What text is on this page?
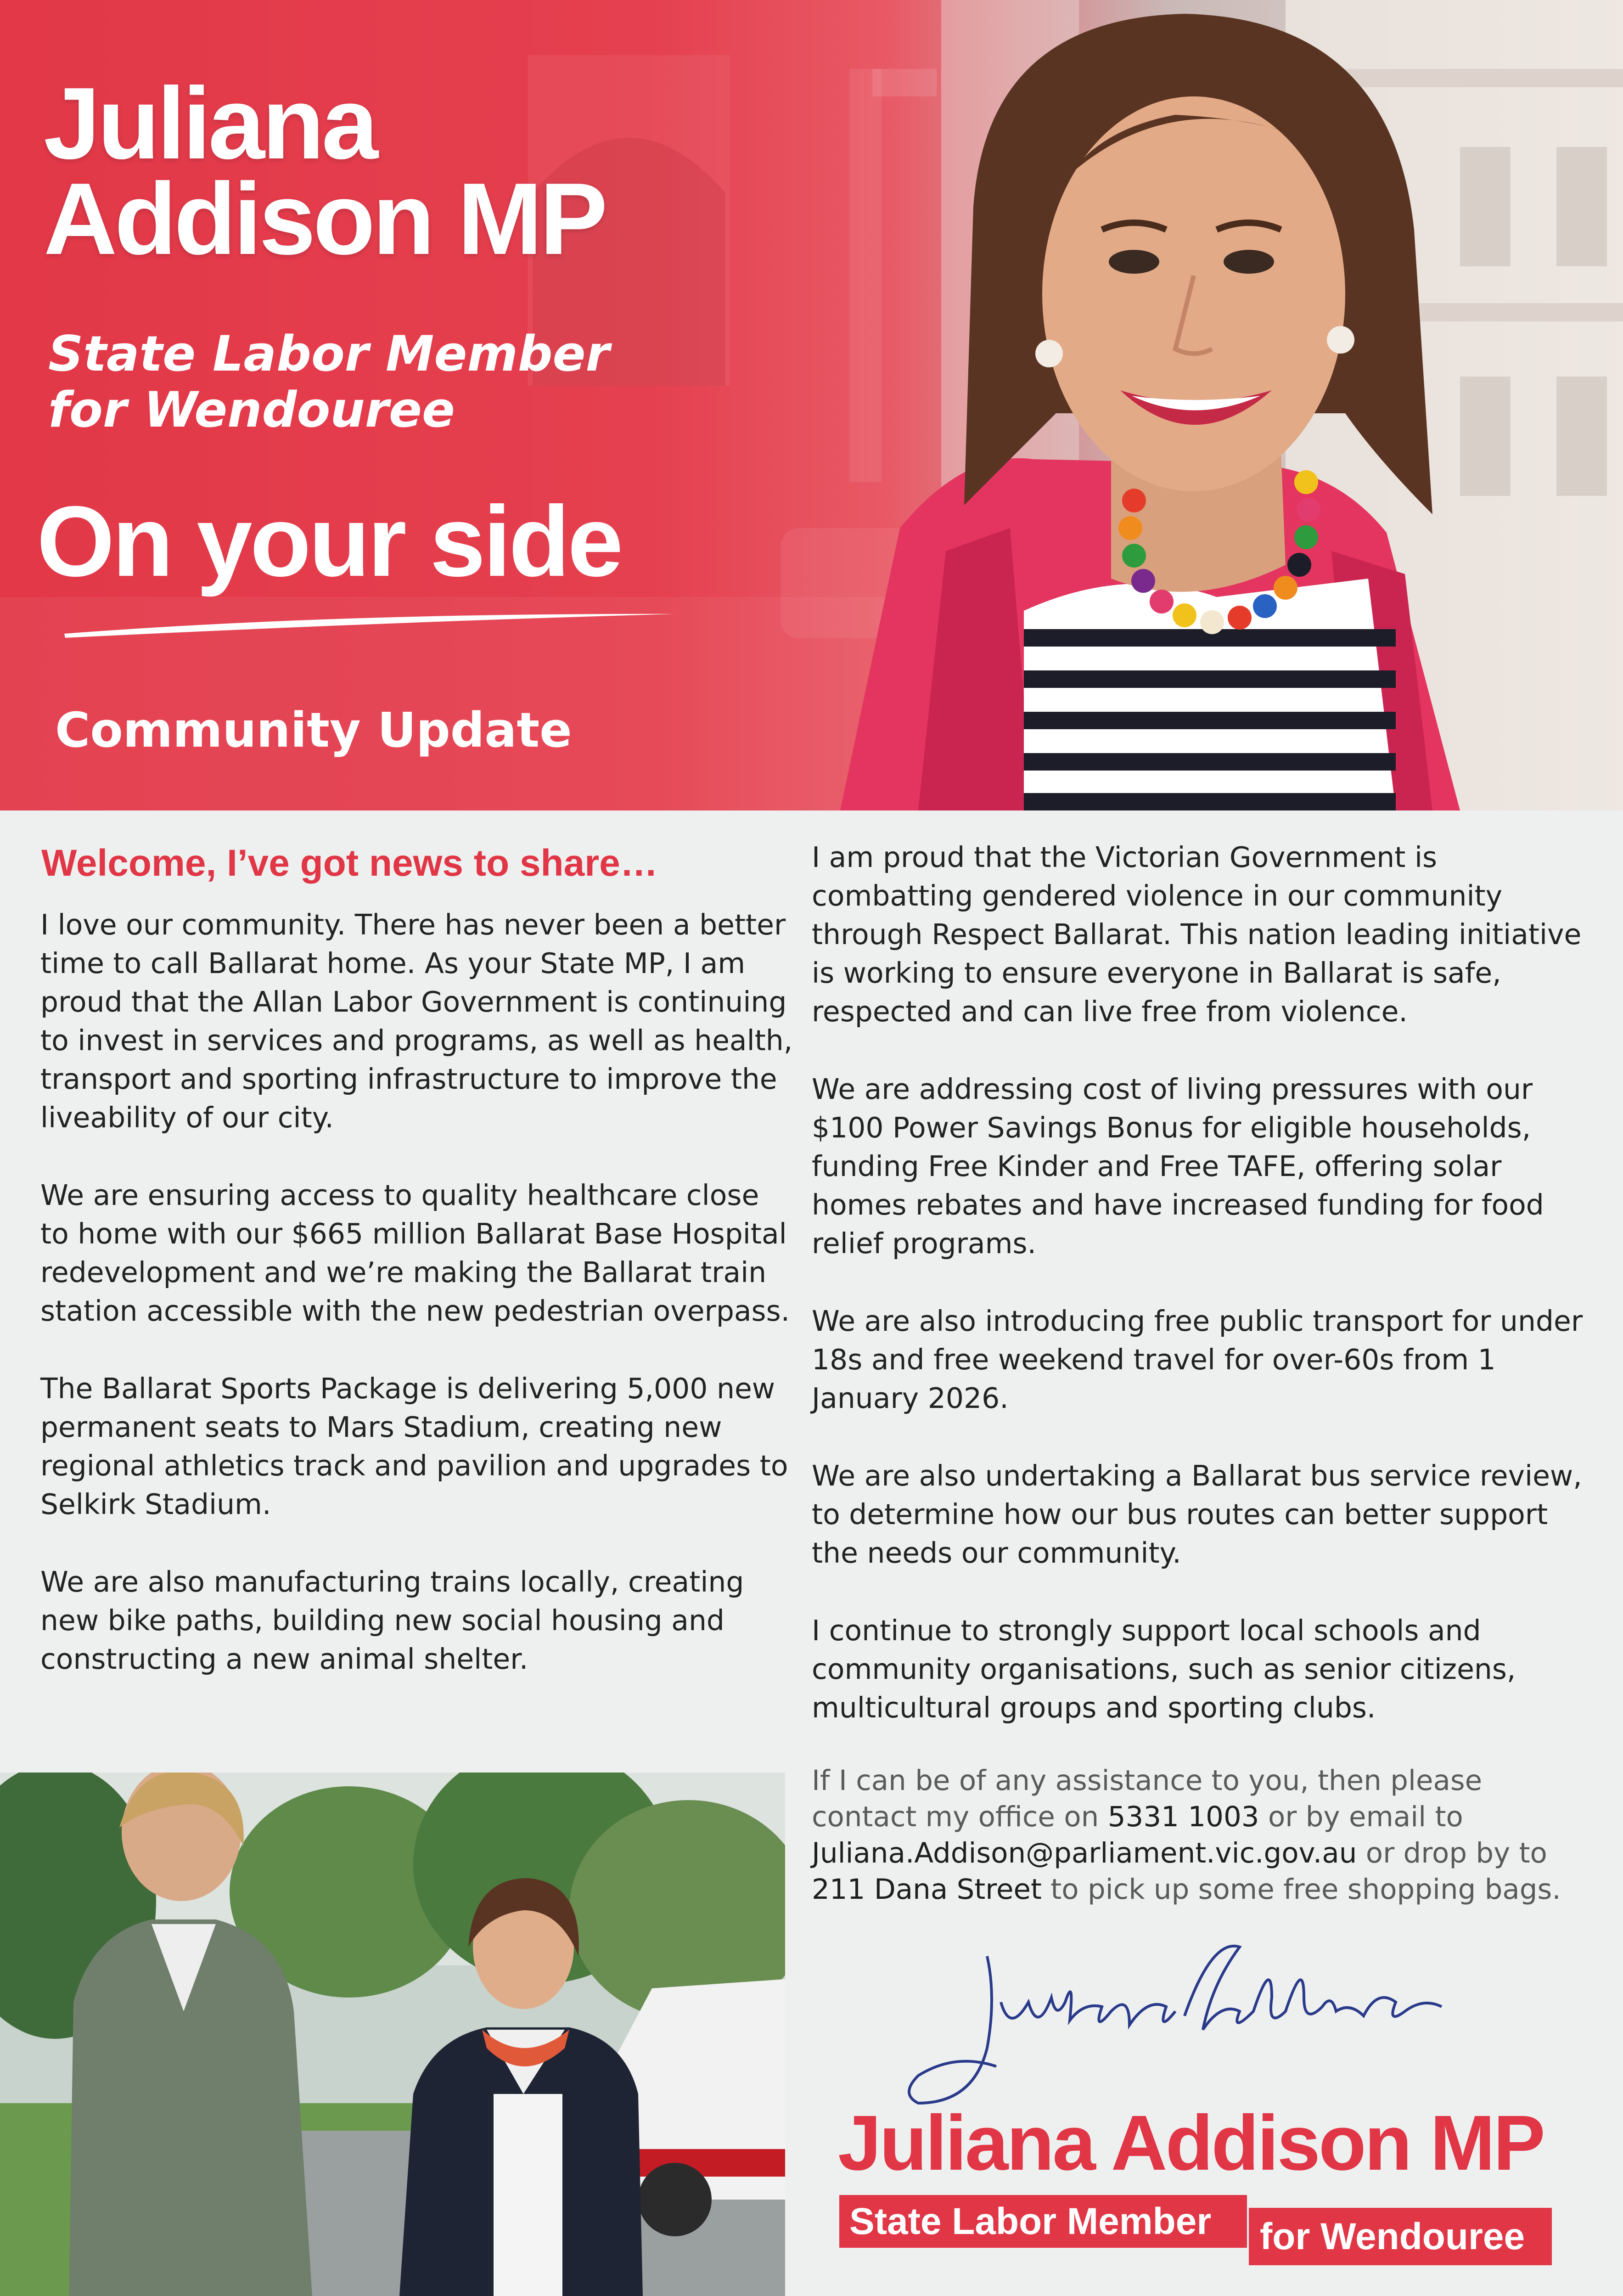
Juliana
Addison MP
State Labor Member
for Wendouree
On your side
Community Update
Welcome, I’ve got news to share…

I love our community. There has never been a better time to call Ballarat home. As your State MP, I am proud that the Allan Labor Government is continuing to invest in services and programs, as well as health, transport and sporting infrastructure to improve the liveability of our city.

We are ensuring access to quality healthcare close to home with our $665 million Ballarat Base Hospital redevelopment and we’re making the Ballarat train station accessible with the new pedestrian overpass.

The Ballarat Sports Package is delivering 5,000 new permanent seats to Mars Stadium, creating new regional athletics track and pavilion and upgrades to Selkirk Stadium.

We are also manufacturing trains locally, creating new bike paths, building new social housing and constructing a new animal shelter.

I am proud that the Victorian Government is combatting gendered violence in our community through Respect Ballarat. This nation leading initiative is working to ensure everyone in Ballarat is safe, respected and can live free from violence.

We are addressing cost of living pressures with our $100 Power Savings Bonus for eligible households, funding Free Kinder and Free TAFE, offering solar homes rebates and have increased funding for food relief programs.

We are also introducing free public transport for under 18s and free weekend travel for over-60s from 1 January 2026.

We are also undertaking a Ballarat bus service review, to determine how our bus routes can better support the needs our community.

I continue to strongly support local schools and community organisations, such as senior citizens, multicultural groups and sporting clubs.

If I can be of any assistance to you, then please contact my office on 5331 1003 or by email to Juliana.Addison@parliament.vic.gov.au or drop by to 211 Dana Street to pick up some free shopping bags.

Juliana Addison MP
State Labor Member	for Wendouree
